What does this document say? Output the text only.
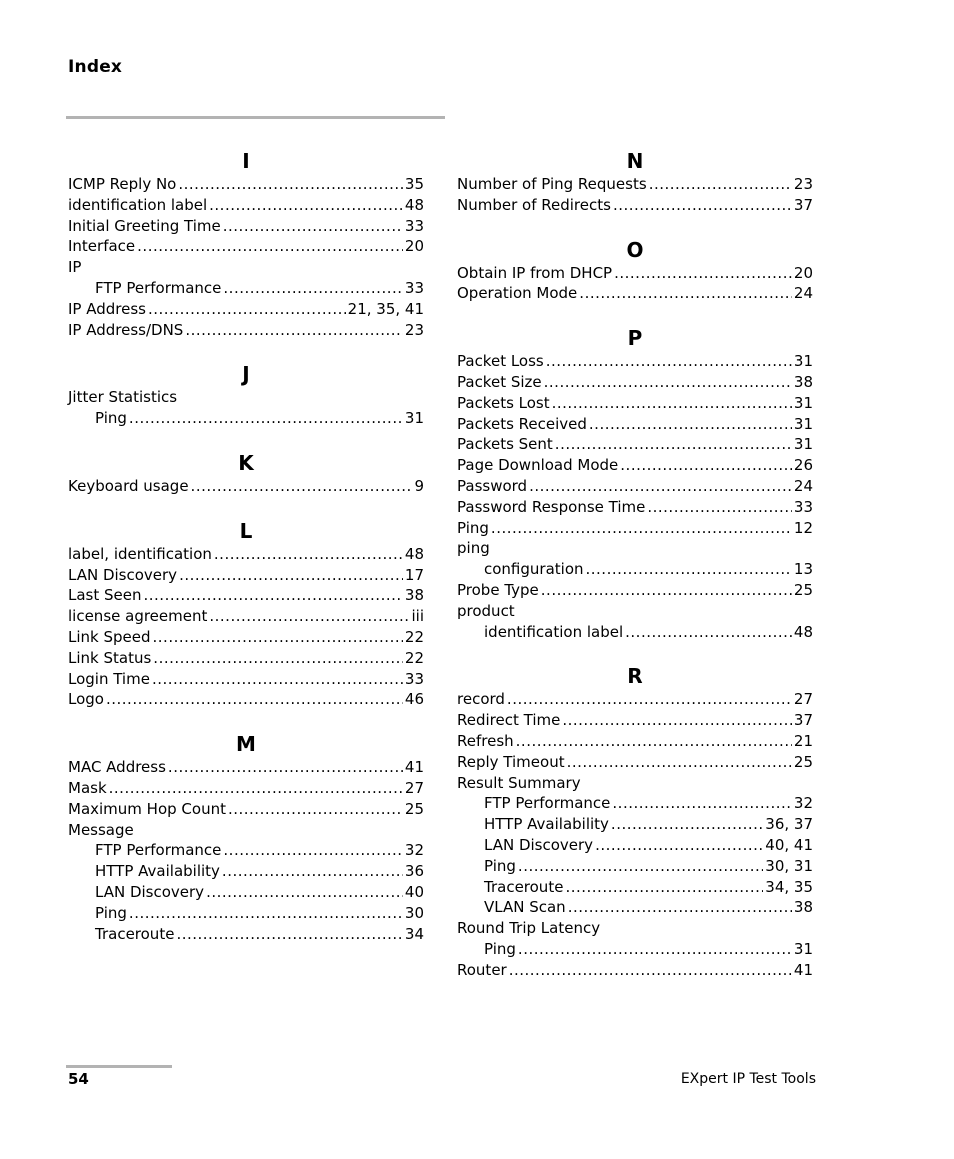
Index
I
ICMP Reply No .....	35
identification label .....	48
Initial Greeting Time .....	33
Interface .....	20
IP
FTP Performance .....	33
IP Address .....	21, 35, 41
IP Address/DNS .....	23
J
Jitter Statistics
Ping .....	31
K
Keyboard usage .....	9
L
label, identification .....	48
LAN Discovery .....	17
Last Seen .....	38
license agreement .....	iii
Link Speed .....	22
Link Status .....	22
Login Time .....	33
Logo .....	46
M
MAC Address .....	41
Mask .....	27
Maximum Hop Count .....	25
Message
FTP Performance .....	32
HTTP Availability .....	36
LAN Discovery .....	40
Ping .....	30
Traceroute .....	34
N
Number of Ping Requests .....	23
Number of Redirects .....	37
O
Obtain IP from DHCP .....	20
Operation Mode .....	24
P
Packet Loss .....	31
Packet Size .....	38
Packets Lost .....	31
Packets Received .....	31
Packets Sent .....	31
Page Download Mode .....	26
Password .....	24
Password Response Time .....	33
Ping .....	12
ping
configuration .....	13
Probe Type .....	25
product
identification label .....	48
R
record .....	27
Redirect Time .....	37
Refresh .....	21
Reply Timeout .....	25
Result Summary
FTP Performance .....	32
HTTP Availability .....	36, 37
LAN Discovery .....	40, 41
Ping .....	30, 31
Traceroute .....	34, 35
VLAN Scan .....	38
Round Trip Latency
Ping .....	31
Router .....	41
54	EXpert IP Test Tools
